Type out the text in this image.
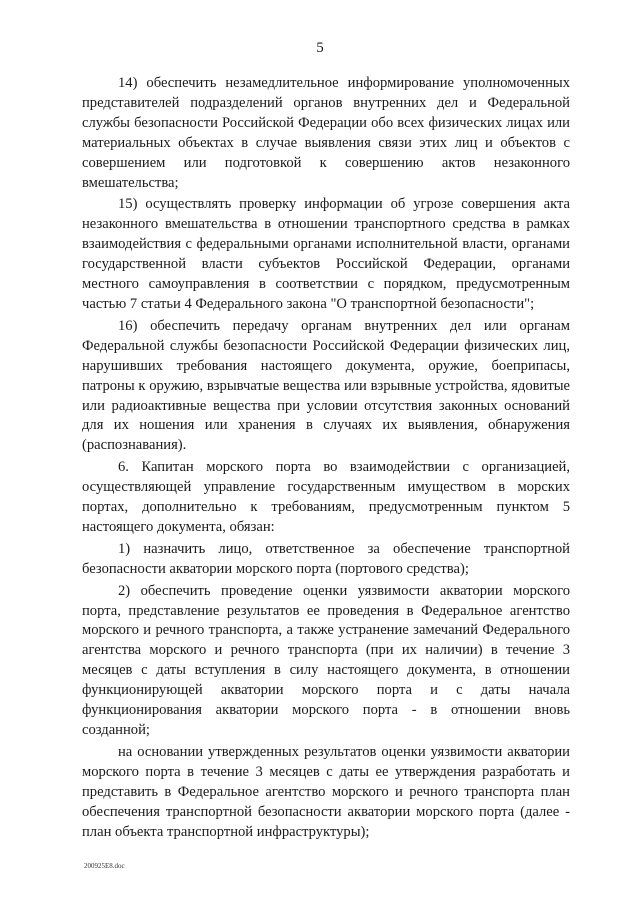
5

14) обеспечить незамедлительное информирование уполномоченных представителей подразделений органов внутренних дел и Федеральной службы безопасности Российской Федерации обо всех физических лицах или материальных объектах в случае выявления связи этих лиц и объектов с совершением или подготовкой к совершению актов незаконного вмешательства;

15) осуществлять проверку информации об угрозе совершения акта незаконного вмешательства в отношении транспортного средства в рамках взаимодействия с федеральными органами исполнительной власти, органами государственной власти субъектов Российской Федерации, органами местного самоуправления в соответствии с порядком, предусмотренным частью 7 статьи 4 Федерального закона "О транспортной безопасности";

16) обеспечить передачу органам внутренних дел или органам Федеральной службы безопасности Российской Федерации физических лиц, нарушивших требования настоящего документа, оружие, боеприпасы, патроны к оружию, взрывчатые вещества или взрывные устройства, ядовитые или радиоактивные вещества при условии отсутствия законных оснований для их ношения или хранения в случаях их выявления, обнаружения (распознавания).

6. Капитан морского порта во взаимодействии с организацией, осуществляющей управление государственным имуществом в морских портах, дополнительно к требованиям, предусмотренным пунктом 5 настоящего документа, обязан:

1) назначить лицо, ответственное за обеспечение транспортной безопасности акватории морского порта (портового средства);

2) обеспечить проведение оценки уязвимости акватории морского порта, представление результатов ее проведения в Федеральное агентство морского и речного транспорта, а также устранение замечаний Федерального агентства морского и речного транспорта (при их наличии) в течение 3 месяцев с даты вступления в силу настоящего документа, в отношении функционирующей акватории морского порта и с даты начала функционирования акватории морского порта - в отношении вновь созданной;

на основании утвержденных результатов оценки уязвимости акватории морского порта в течение 3 месяцев с даты ее утверждения разработать и представить в Федеральное агентство морского и речного транспорта план обеспечения транспортной безопасности акватории морского порта (далее - план объекта транспортной инфраструктуры);

200925E8.doc
